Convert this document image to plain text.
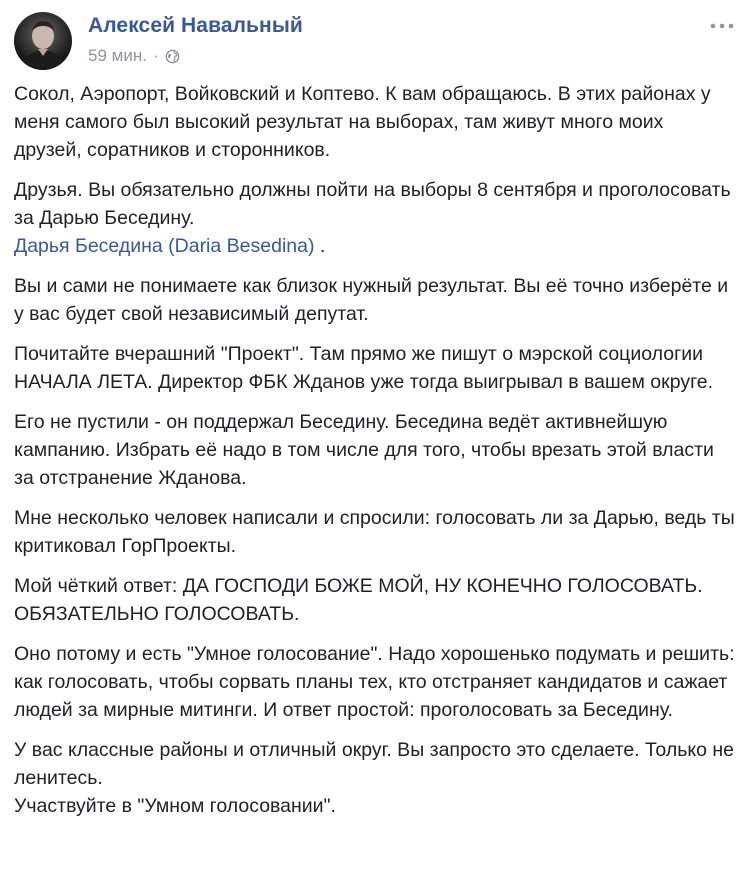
Алексей Навальный
59 мин. ·

Сокол, Аэропорт, Войковский и Коптево. К вам обращаюсь. В этих районах у меня самого был высокий результат на выборах, там живут много моих друзей, соратников и сторонников.

Друзья. Вы обязательно должны пойти на выборы 8 сентября и проголосовать за Дарью Беседину.
Дарья Беседина (Daria Besedina) .

Вы и сами не понимаете как близок нужный результат. Вы её точно изберёте и у вас будет свой независимый депутат.

Почитайте вчерашний "Проект". Там прямо же пишут о мэрской социологии НАЧАЛА ЛЕТА. Директор ФБК Жданов уже тогда выигрывал в вашем округе.

Его не пустили - он поддержал Беседину. Беседина ведёт активнейшую кампанию. Избрать её надо в том числе для того, чтобы врезать этой власти за отстранение Жданова.

Мне несколько человек написали и спросили: голосовать ли за Дарью, ведь ты критиковал ГорПроекты.

Мой чёткий ответ: ДА ГОСПОДИ БОЖЕ МОЙ, НУ КОНЕЧНО ГОЛОСОВАТЬ. ОБЯЗАТЕЛЬНО ГОЛОСОВАТЬ.

Оно потому и есть "Умное голосование". Надо хорошенько подумать и решить: как голосовать, чтобы сорвать планы тех, кто отстраняет кандидатов и сажает людей за мирные митинги. И ответ простой: проголосовать за Беседину.

У вас классные районы и отличный округ. Вы запросто это сделаете. Только не ленитесь.
Участвуйте в "Умном голосовании".
